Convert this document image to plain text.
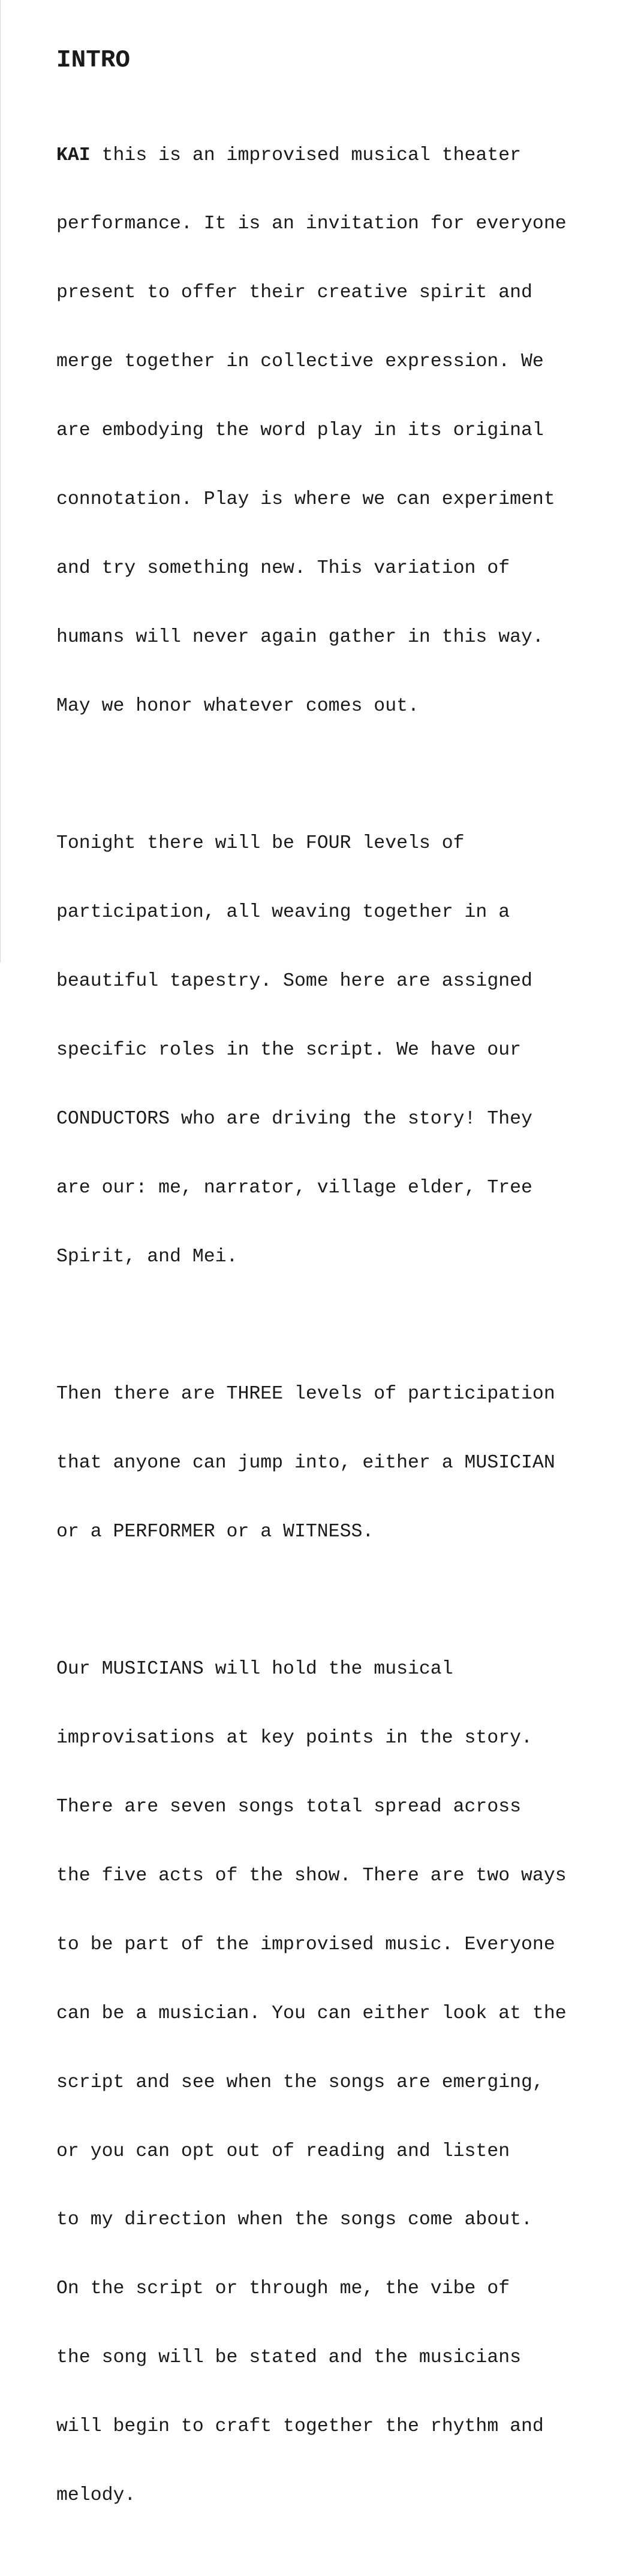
INTRO

KAI this is an improvised musical theater

performance. It is an invitation for everyone

present to offer their creative spirit and

merge together in collective expression. We

are embodying the word play in its original

connotation. Play is where we can experiment

and try something new. This variation of

humans will never again gather in this way.

May we honor whatever comes out.

Tonight there will be FOUR levels of

participation, all weaving together in a

beautiful tapestry. Some here are assigned

specific roles in the script. We have our

CONDUCTORS who are driving the story! They

are our: me, narrator, village elder, Tree

Spirit, and Mei.

Then there are THREE levels of participation

that anyone can jump into, either a MUSICIAN

or a PERFORMER or a WITNESS.

Our MUSICIANS will hold the musical

improvisations at key points in the story.

There are seven songs total spread across

the five acts of the show. There are two ways

to be part of the improvised music. Everyone

can be a musician. You can either look at the

script and see when the songs are emerging,

or you can opt out of reading and listen

to my direction when the songs come about.

On the script or through me, the vibe of

the song will be stated and the musicians

will begin to craft together the rhythm and

melody.
